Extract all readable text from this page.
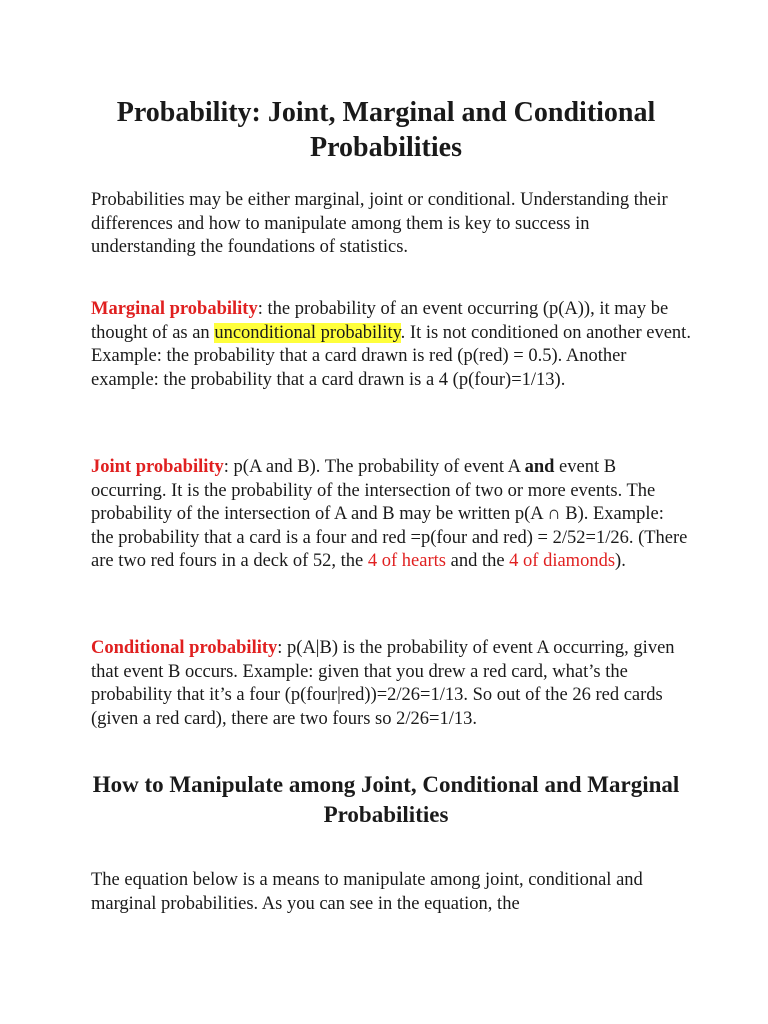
Probability: Joint, Marginal and Conditional Probabilities

Probabilities may be either marginal, joint or conditional. Understanding their differences and how to manipulate among them is key to success in understanding the foundations of statistics.

Marginal probability: the probability of an event occurring (p(A)), it may be thought of as an unconditional probability. It is not conditioned on another event. Example: the probability that a card drawn is red (p(red) = 0.5). Another example: the probability that a card drawn is a 4 (p(four)=1/13).

Joint probability: p(A and B). The probability of event A and event B occurring. It is the probability of the intersection of two or more events. The probability of the intersection of A and B may be written p(A ∩ B). Example: the probability that a card is a four and red =p(four and red) = 2/52=1/26. (There are two red fours in a deck of 52, the 4 of hearts and the 4 of diamonds).

Conditional probability: p(A|B) is the probability of event A occurring, given that event B occurs. Example: given that you drew a red card, what’s the probability that it’s a four (p(four|red))=2/26=1/13. So out of the 26 red cards (given a red card), there are two fours so 2/26=1/13.

How to Manipulate among Joint, Conditional and Marginal Probabilities

The equation below is a means to manipulate among joint, conditional and marginal probabilities. As you can see in the equation, the
